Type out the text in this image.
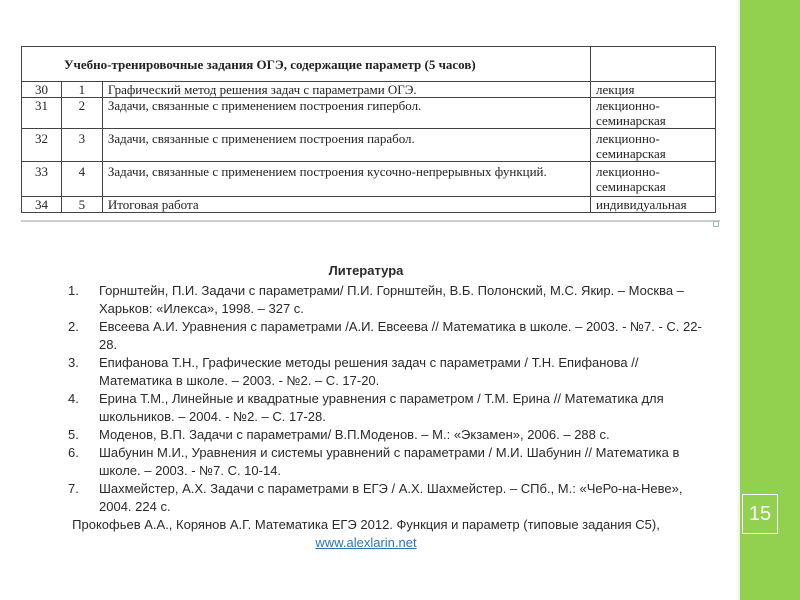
Учебно-тренировочные задания ОГЭ, содержащие параметр (5 часов)			
30	1	Графический метод решения задач с параметрами ОГЭ.	лекция
31	2	Задачи, связанные с применением построения гипербол.	лекционно-семинарская
32	3	Задачи, связанные с применением построения парабол.	лекционно-семинарская
33	4	Задачи, связанные с применением построения кусочно-непрерывных функций.	лекционно-семинарская
34	5	Итоговая работа	индивидуальная
Литература
1.	Горнштейн, П.И. Задачи с параметрами/ П.И. Горнштейн, В.Б. Полонский, М.С. Якир. – Москва – Харьков: «Илекса», 1998. – 327 с.
2.	Евсеева А.И. Уравнения с параметрами /А.И. Евсеева // Математика в школе. – 2003. - №7. - С. 22-28.
3.	Епифанова Т.Н., Графические методы решения задач с параметрами / Т.Н. Епифанова // Математика в школе. – 2003. - №2. – С. 17-20.
4.	Ерина Т.М., Линейные и квадратные уравнения с параметром / Т.М. Ерина // Математика для школьников. – 2004. - №2. – С. 17-28.
5.	Моденов, В.П. Задачи с параметрами/ В.П.Моденов. – М.: «Экзамен», 2006. – 288 с.
6.	Шабунин М.И., Уравнения и системы уравнений с параметрами / М.И. Шабунин // Математика в школе. – 2003. - №7. С. 10-14.
7.	Шахмейстер, А.Х. Задачи с параметрами в ЕГЭ / А.Х. Шахмейстер. – СПб., М.: «ЧеРо-на-Неве», 2004. 224 с.
Прокофьев А.А., Корянов А.Г. Математика ЕГЭ 2012. Функция и параметр (типовые задания С5), www.alexlarin.net
15
